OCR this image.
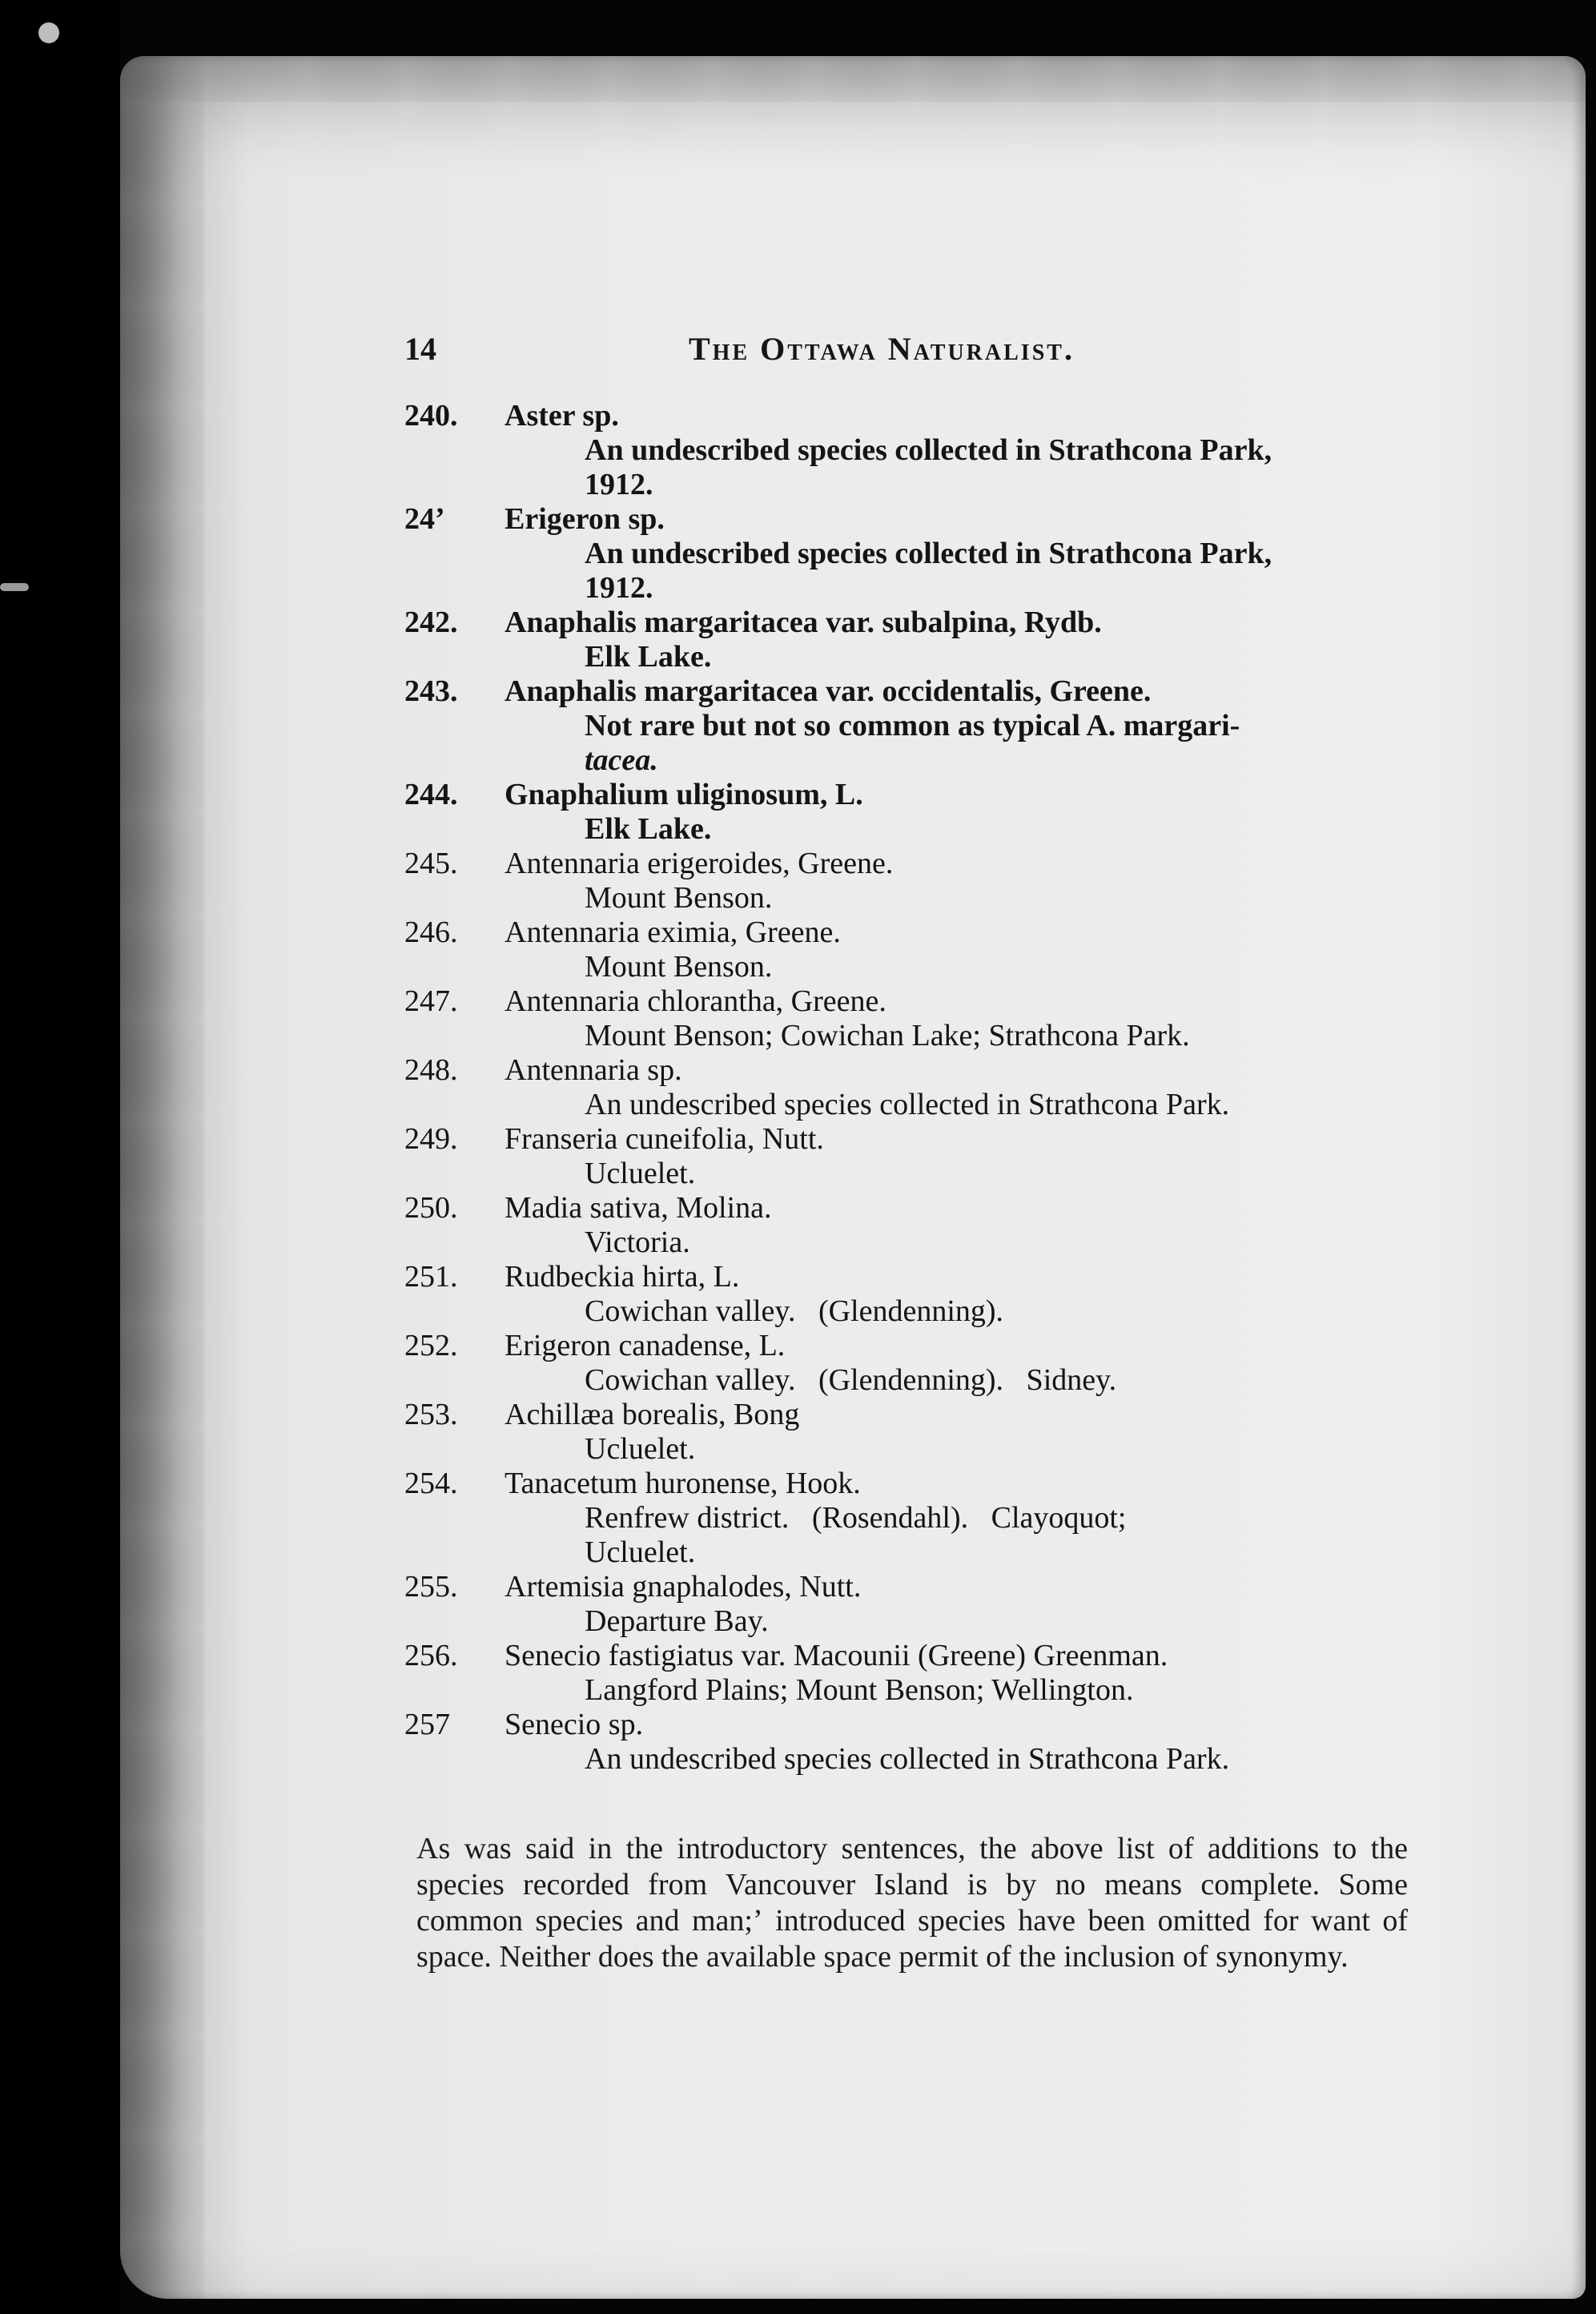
14	The Ottawa Naturalist.
240.	Aster sp.
An undescribed species collected in Strathcona Park,
1912.
24ʼ	Erigeron sp.
An undescribed species collected in Strathcona Park,
1912.
242.	Anaphalis margaritacea var. subalpina, Rydb.
Elk Lake.
243.	Anaphalis margaritacea var. occidentalis, Greene.
Not rare but not so common as typical A. margari-
tacea.
244.	Gnaphalium uliginosum, L.
Elk Lake.
245.	Antennaria erigeroides, Greene.
Mount Benson.
246.	Antennaria eximia, Greene.
Mount Benson.
247.	Antennaria chlorantha, Greene.
Mount Benson; Cowichan Lake; Strathcona Park.
248.	Antennaria sp.
An undescribed species collected in Strathcona Park.
249.	Franseria cuneifolia, Nutt.
Ucluelet.
250.	Madia sativa, Molina.
Victoria.
251.	Rudbeckia hirta, L.
Cowichan valley.   (Glendenning).
252.	Erigeron canadense, L.
Cowichan valley.   (Glendenning).   Sidney.
253.	Achillæa borealis, Bong
Ucluelet.
254.	Tanacetum huronense, Hook.
Renfrew district.   (Rosendahl).   Clayoquot;
Ucluelet.
255.	Artemisia gnaphalodes, Nutt.
Departure Bay.
256.	Senecio fastigiatus var. Macounii (Greene) Greenman.
Langford Plains; Mount Benson; Wellington.
257	Senecio sp.
An undescribed species collected in Strathcona Park.

As was said in the introductory sentences, the above list of additions to the species recorded from Vancouver Island is by no means complete. Some common species and man;ʼ introduced species have been omitted for want of space. Neither does the available space permit of the inclusion of synonymy.
